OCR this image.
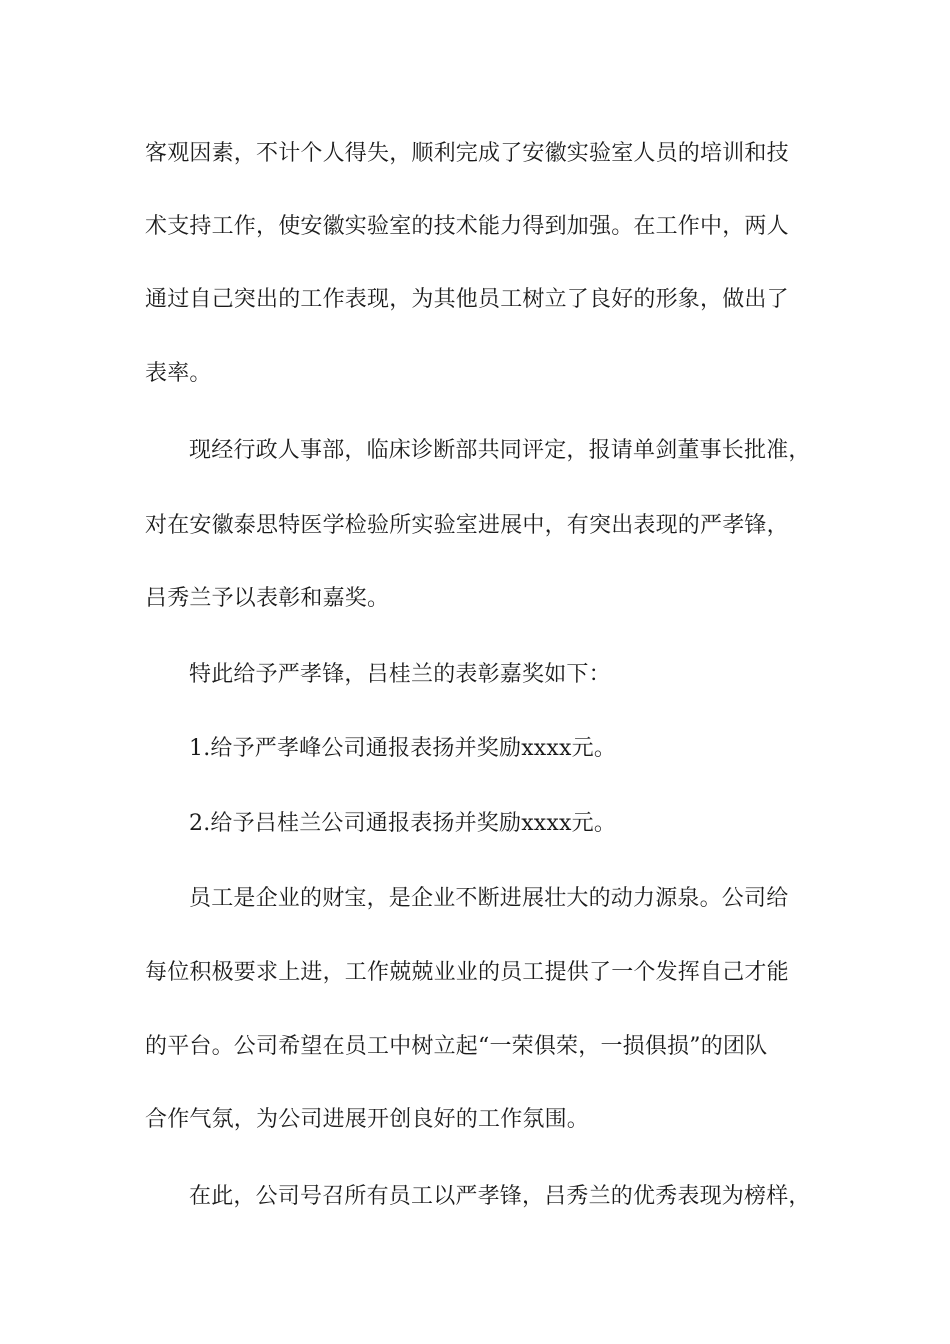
客观因素，不计个人得失，顺利完成了安徽实验室人员的培训和技
术支持工作，使安徽实验室的技术能力得到加强。在工作中，两人
通过自己突出的工作表现，为其他员工树立了良好的形象，做出了
表率。
现经行政人事部，临床诊断部共同评定，报请单剑董事长批准，
对在安徽泰思特医学检验所实验室进展中，有突出表现的严孝锋，
吕秀兰予以表彰和嘉奖。
特此给予严孝锋，吕桂兰的表彰嘉奖如下：
1.给予严孝峰公司通报表扬并奖励xxxx元。
2.给予吕桂兰公司通报表扬并奖励xxxx元。
员工是企业的财宝，是企业不断进展壮大的动力源泉。公司给
每位积极要求上进，工作兢兢业业的员工提供了一个发挥自己才能
的平台。公司希望在员工中树立起“一荣俱荣，一损俱损”的团队
合作气氛，为公司进展开创良好的工作氛围。
在此，公司号召所有员工以严孝锋，吕秀兰的优秀表现为榜样，
